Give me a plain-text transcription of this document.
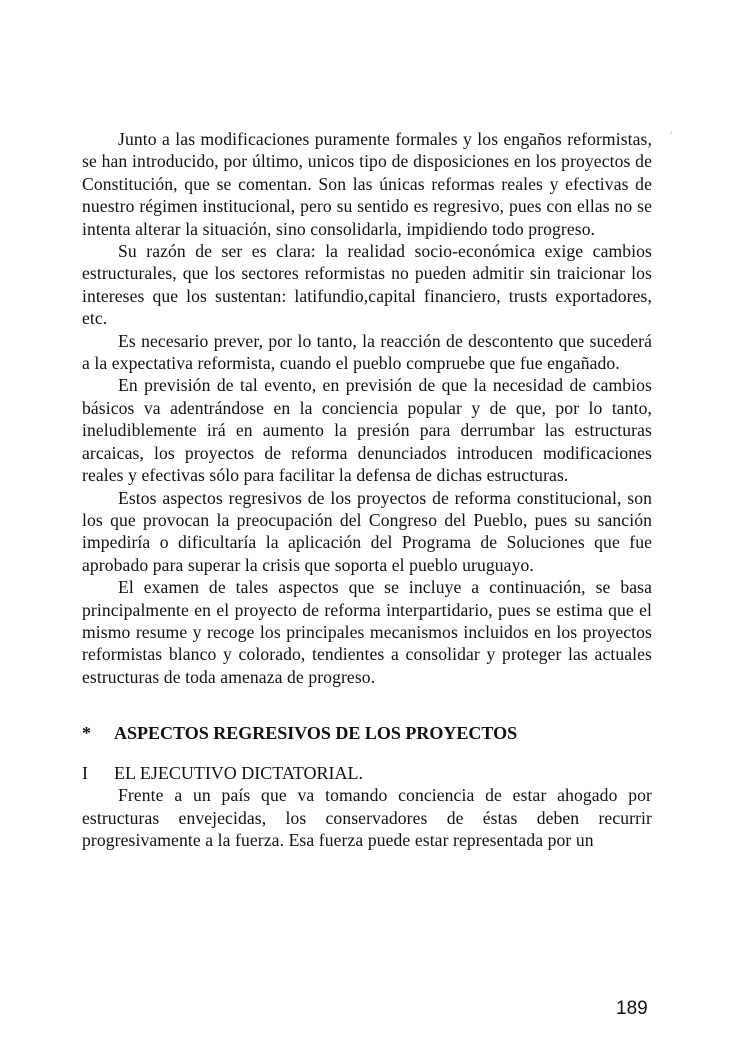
Junto a las modificaciones puramente formales y los engaños reformistas, se han introducido, por último, unicos tipo de disposiciones en los proyectos de Constitución, que se comentan. Son las únicas reformas reales y efectivas de nuestro régimen institucional, pero su sentido es regresivo, pues con ellas no se intenta alterar la situación, sino consolidarla, impidiendo todo progreso.

Su razón de ser es clara: la realidad socio-económica exige cambios estructurales, que los sectores reformistas no pueden admitir sin traicionar los intereses que los sustentan: latifundio,capital financiero, trusts exportadores, etc.

Es necesario prever, por lo tanto, la reacción de descontento que sucederá a la expectativa reformista, cuando el pueblo compruebe que fue engañado.

En previsión de tal evento, en previsión de que la necesidad de cambios básicos va adentrándose en la conciencia popular y de que, por lo tanto, ineludiblemente irá en aumento la presión para derrumbar las estructuras arcaicas, los proyectos de reforma denunciados introducen modificaciones reales y efectivas sólo para facilitar la defensa de dichas estructuras.

Estos aspectos regresivos de los proyectos de reforma constitucional, son los que provocan la preocupación del Congreso del Pueblo, pues su sanción impediría o dificultaría la aplicación del Programa de Soluciones que fue aprobado para superar la crisis que soporta el pueblo uruguayo.

El examen de tales aspectos que se incluye a continuación, se basa principalmente en el proyecto de reforma interpartidario, pues se estima que el mismo resume y recoge los principales mecanismos incluidos en los proyectos reformistas blanco y colorado, tendientes a consolidar y proteger las actuales estructuras de toda amenaza de progreso.

*	ASPECTOS REGRESIVOS DE LOS PROYECTOS
I	EL EJECUTIVO DICTATORIAL.

Frente a un país que va tomando conciencia de estar ahogado por estructuras envejecidas, los conservadores de éstas deben recurrir progresivamente a la fuerza. Esa fuerza puede estar representada por un

′
189
